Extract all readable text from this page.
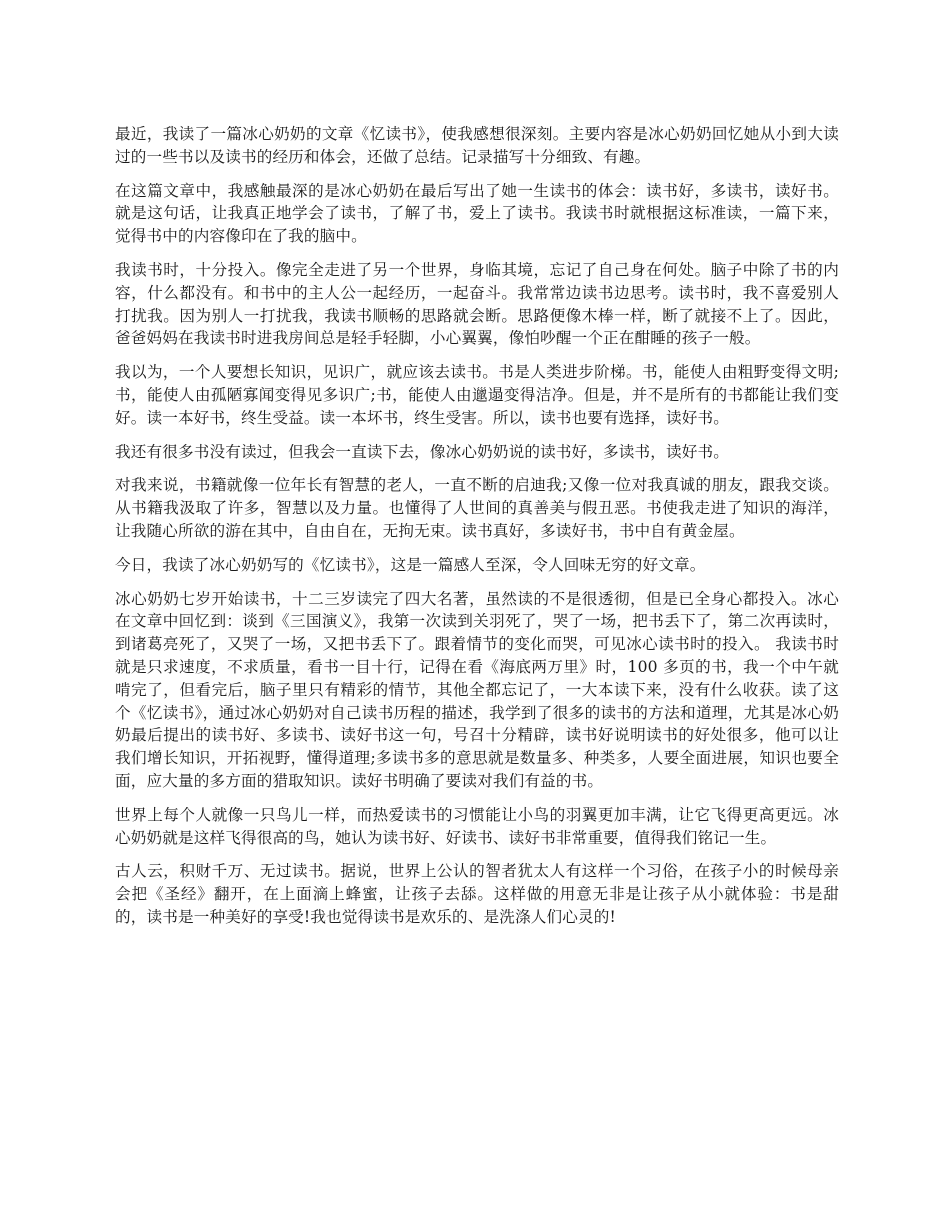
最近，我读了一篇冰心奶奶的文章《忆读书》，使我感想很深刻。主要内容是冰心奶奶回忆她从小到大读过的一些书以及读书的经历和体会，还做了总结。记录描写十分细致、有趣。

在这篇文章中，我感触最深的是冰心奶奶在最后写出了她一生读书的体会：读书好，多读书，读好书。就是这句话，让我真正地学会了读书，了解了书，爱上了读书。我读书时就根据这标准读，一篇下来，觉得书中的内容像印在了我的脑中。

我读书时，十分投入。像完全走进了另一个世界，身临其境，忘记了自己身在何处。脑子中除了书的内容，什么都没有。和书中的主人公一起经历，一起奋斗。我常常边读书边思考。读书时，我不喜爱别人打扰我。因为别人一打扰我，我读书顺畅的思路就会断。思路便像木棒一样，断了就接不上了。因此，爸爸妈妈在我读书时进我房间总是轻手轻脚，小心翼翼，像怕吵醒一个正在酣睡的孩子一般。

我以为，一个人要想长知识，见识广，就应该去读书。书是人类进步阶梯。书，能使人由粗野变得文明;书，能使人由孤陋寡闻变得见多识广;书，能使人由邋遢变得洁净。但是，并不是所有的书都能让我们变好。读一本好书，终生受益。读一本坏书，终生受害。所以，读书也要有选择，读好书。

我还有很多书没有读过，但我会一直读下去，像冰心奶奶说的读书好，多读书，读好书。

对我来说，书籍就像一位年长有智慧的老人，一直不断的启迪我;又像一位对我真诚的朋友，跟我交谈。从书籍我汲取了许多，智慧以及力量。也懂得了人世间的真善美与假丑恶。书使我走进了知识的海洋，让我随心所欲的游在其中，自由自在，无拘无束。读书真好，多读好书，书中自有黄金屋。

今日，我读了冰心奶奶写的《忆读书》，这是一篇感人至深，令人回味无穷的好文章。

冰心奶奶七岁开始读书，十二三岁读完了四大名著，虽然读的不是很透彻，但是已全身心都投入。冰心在文章中回忆到：谈到《三国演义》，我第一次读到关羽死了，哭了一场，把书丢下了，第二次再读时，到诸葛亮死了，又哭了一场，又把书丢下了。跟着情节的变化而哭，可见冰心读书时的投入。 我读书时就是只求速度，不求质量，看书一目十行，记得在看《海底两万里》时，100 多页的书，我一个中午就啃完了，但看完后，脑子里只有精彩的情节，其他全都忘记了，一大本读下来，没有什么收获。读了这个《忆读书》，通过冰心奶奶对自己读书历程的描述，我学到了很多的读书的方法和道理，尤其是冰心奶奶最后提出的读书好、多读书、读好书这一句，号召十分精辟，读书好说明读书的好处很多，他可以让我们增长知识，开拓视野，懂得道理;多读书多的意思就是数量多、种类多，人要全面进展，知识也要全面，应大量的多方面的猎取知识。读好书明确了要读对我们有益的书。

世界上每个人就像一只鸟儿一样，而热爱读书的习惯能让小鸟的羽翼更加丰满，让它飞得更高更远。冰心奶奶就是这样飞得很高的鸟，她认为读书好、好读书、读好书非常重要，值得我们铭记一生。

古人云，积财千万、无过读书。据说，世界上公认的智者犹太人有这样一个习俗，在孩子小的时候母亲会把《圣经》翻开，在上面滴上蜂蜜，让孩子去舔。这样做的用意无非是让孩子从小就体验：书是甜的，读书是一种美好的享受!我也觉得读书是欢乐的、是洗涤人们心灵的!
